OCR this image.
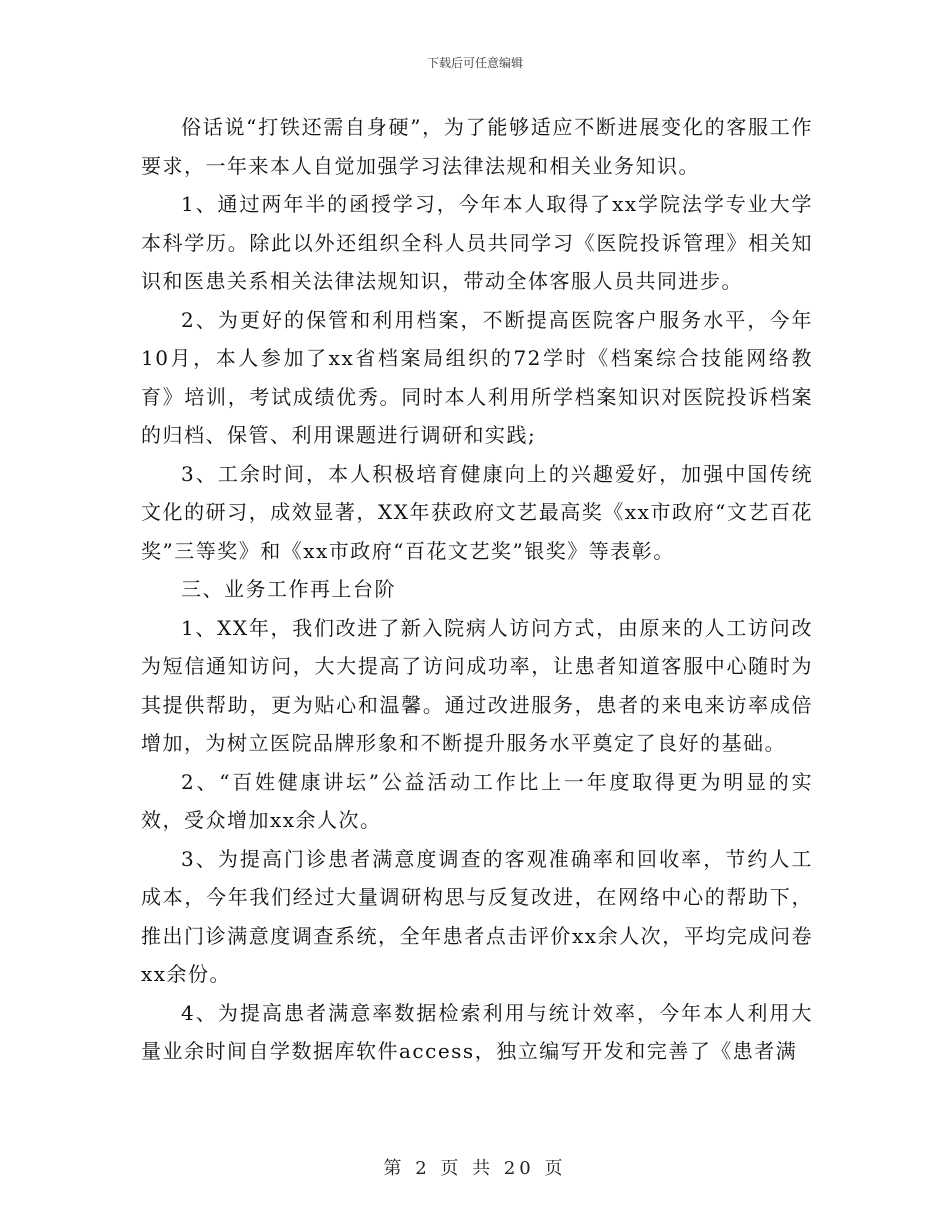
下载后可任意编辑

俗话说“打铁还需自身硬”，为了能够适应不断进展变化的客服工作要求，一年来本人自觉加强学习法律法规和相关业务知识。

1、通过两年半的函授学习，今年本人取得了xx学院法学专业大学本科学历。除此以外还组织全科人员共同学习《医院投诉管理》相关知识和医患关系相关法律法规知识，带动全体客服人员共同进步。

2、为更好的保管和利用档案，不断提高医院客户服务水平，今年10月，本人参加了xx省档案局组织的72学时《档案综合技能网络教育》培训，考试成绩优秀。同时本人利用所学档案知识对医院投诉档案的归档、保管、利用课题进行调研和实践;

3、工余时间，本人积极培育健康向上的兴趣爱好，加强中国传统文化的研习，成效显著，XX年获政府文艺最高奖《xx市政府“文艺百花奖”三等奖》和《xx市政府“百花文艺奖”银奖》等表彰。

三、业务工作再上台阶

1、XX年，我们改进了新入院病人访问方式，由原来的人工访问改为短信通知访问，大大提高了访问成功率，让患者知道客服中心随时为其提供帮助，更为贴心和温馨。通过改进服务，患者的来电来访率成倍增加，为树立医院品牌形象和不断提升服务水平奠定了良好的基础。

2、“百姓健康讲坛”公益活动工作比上一年度取得更为明显的实效，受众增加xx余人次。

3、为提高门诊患者满意度调查的客观准确率和回收率，节约人工成本，今年我们经过大量调研构思与反复改进，在网络中心的帮助下，推出门诊满意度调查系统，全年患者点击评价xx余人次，平均完成问卷xx余份。

4、为提高患者满意率数据检索利用与统计效率，今年本人利用大量业余时间自学数据库软件access，独立编写开发和完善了《患者满

第 2 页 共 20 页
